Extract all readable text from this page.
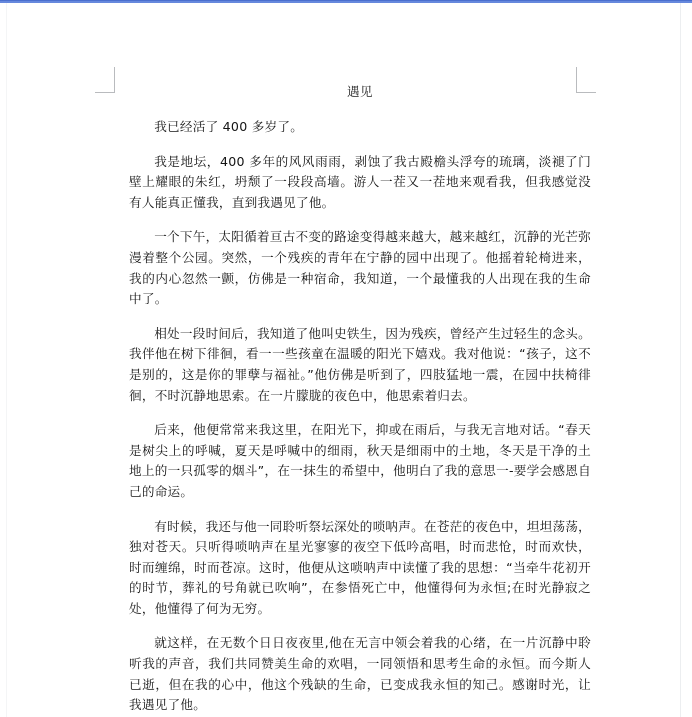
遇见

我已经活了 400 多岁了。

我是地坛，400 多年的风风雨雨，剥蚀了我古殿檐头浮夸的琉璃，淡褪了门壁上耀眼的朱红，坍颓了一段段高墙。游人一茬又一茬地来观看我，但我感觉没有人能真正懂我，直到我遇见了他。

一个下午，太阳循着亘古不变的路途变得越来越大，越来越红，沉静的光芒弥漫着整个公园。突然，一个残疾的青年在宁静的园中出现了。他摇着轮椅进来，我的内心忽然一颤，仿佛是一种宿命，我知道，一个最懂我的人出现在我的生命中了。

相处一段时间后，我知道了他叫史铁生，因为残疾，曾经产生过轻生的念头。我伴他在树下徘徊，看一一些孩童在温暖的阳光下嬉戏。我对他说：“孩子，这不是别的，这是你的罪孽与福祉。”他仿佛是听到了，四肢猛地一震，在园中扶椅徘徊，不时沉静地思索。在一片朦胧的夜色中，他思索着归去。

后来，他便常常来我这里，在阳光下，抑或在雨后，与我无言地对话。“春天是树尖上的呼喊，夏天是呼喊中的细雨，秋天是细雨中的土地，冬天是干净的土地上的一只孤零的烟斗”，在一抹生的希望中，他明白了我的意思一-要学会感恩自己的命运。

有时候，我还与他一同聆听祭坛深处的唢呐声。在苍茫的夜色中，坦坦荡荡，独对苍天。只听得唢呐声在星光寥寥的夜空下低吟高唱，时而悲怆，时而欢快，时而缠绵，时而苍凉。这时，他便从这唢呐声中读懂了我的思想：“当牵牛花初开的时节，葬礼的号角就已吹响”，在参悟死亡中，他懂得何为永恒;在时光静寂之处，他懂得了何为无穷。

就这样，在无数个日日夜夜里,他在无言中领会着我的心绪，在一片沉静中聆听我的声音，我们共同赞美生命的欢唱，一同领悟和思考生命的永恒。而今斯人已逝，但在我的心中，他这个残缺的生命，已变成我永恒的知己。感谢时光，让我遇见了他。
